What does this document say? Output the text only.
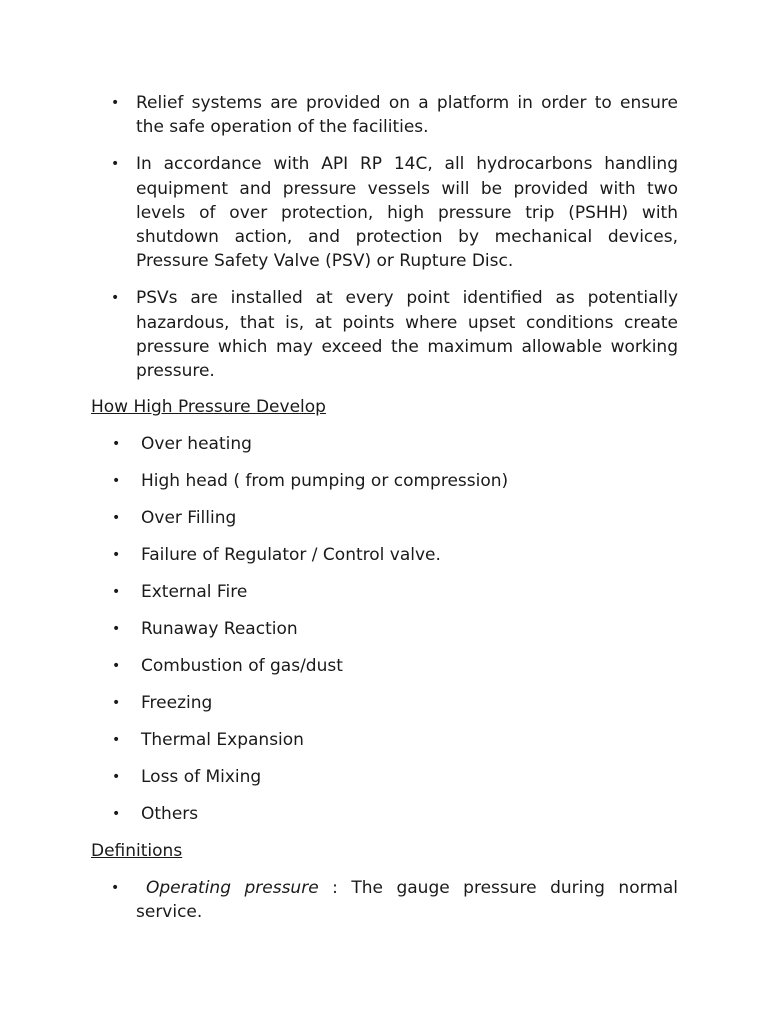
• Relief systems are provided on a platform in order to ensure the safe operation of the facilities.
• In accordance with API RP 14C, all hydrocarbons handling equipment and pressure vessels will be provided with two levels of over protection, high pressure trip (PSHH) with shutdown action, and protection by mechanical devices, Pressure Safety Valve (PSV) or Rupture Disc.
• PSVs are installed at every point identified as potentially hazardous, that is, at points where upset conditions create pressure which may exceed the maximum allowable working pressure.
How High Pressure Develop
• Over heating
• High head ( from pumping or compression)
• Over Filling
• Failure of Regulator / Control valve.
• External Fire
• Runaway Reaction
• Combustion of gas/dust
• Freezing
• Thermal Expansion
• Loss of Mixing
• Others
Definitions
• Operating pressure : The gauge pressure during normal service.
